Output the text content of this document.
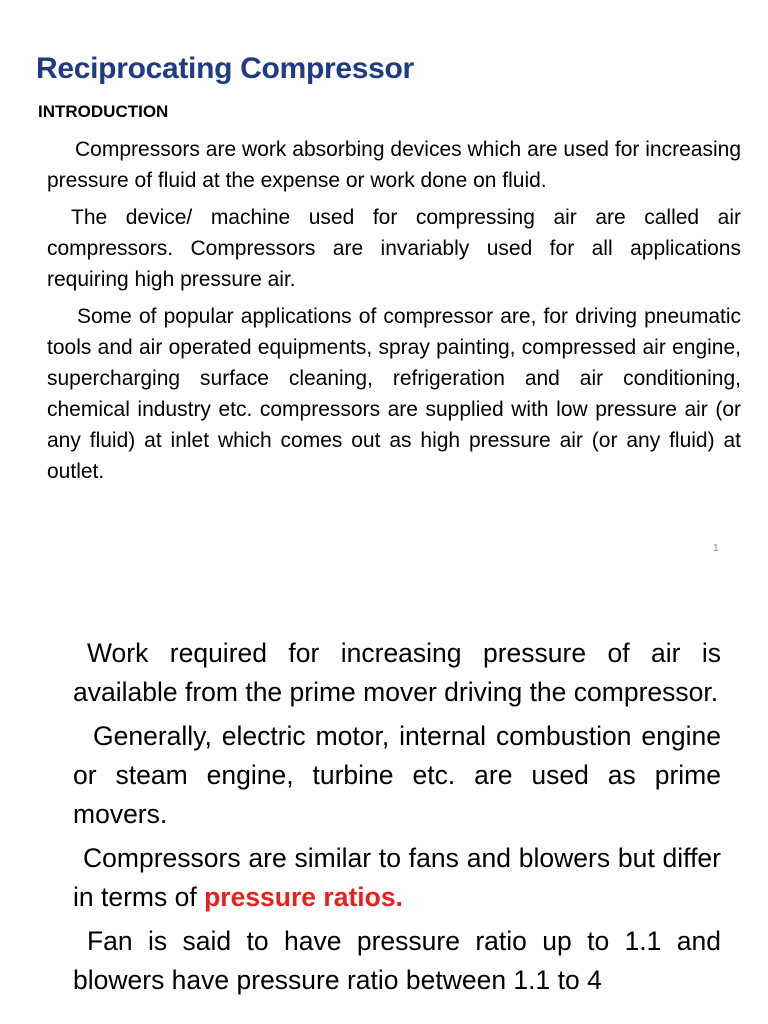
Reciprocating Compressor
INTRODUCTION

Compressors are work absorbing devices which are used for increasing pressure of fluid at the expense or work done on fluid.

The device/ machine used for compressing air are called air compressors. Compressors are invariably used for all applications requiring high pressure air.

Some of popular applications of compressor are, for driving pneumatic tools and air operated equipments, spray painting, compressed air engine, supercharging surface cleaning, refrigeration and air conditioning, chemical industry etc. compressors are supplied with low pressure air (or any fluid) at inlet which comes out as high pressure air (or any fluid) at outlet.

1

Work required for increasing pressure of air is available from the prime mover driving the compressor.

Generally, electric motor, internal combustion engine or steam engine, turbine etc. are used as prime movers.

Compressors are similar to fans and blowers but differ in terms of pressure ratios.

Fan is said to have pressure ratio up to 1.1 and blowers have pressure ratio between 1.1 to 4
